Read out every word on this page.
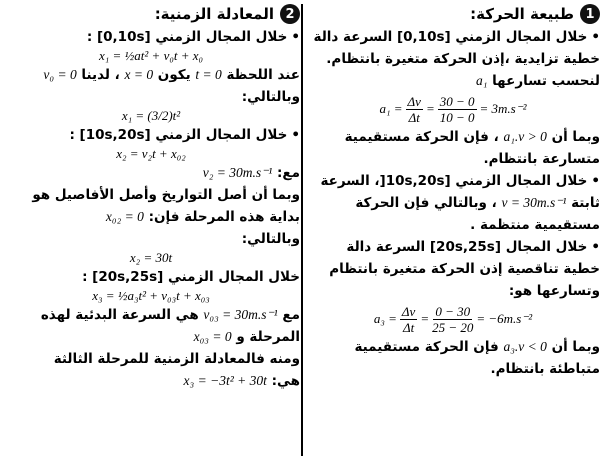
1
طبيعة الحركة:

• خلال المجال الزمني [0,10s] السرعة دالة

خطية تزايدية ،إذن الحركة متغيرة بانتظام.

لنحسب تسارعها a₁

$a_1 = \frac{\Delta v}{\Delta t} = \frac{30 - 0}{10 - 0} = 3m.s^{-2}$

وبما أن a₁.v > 0 ، فإن الحركة مستقيمية

متسارعة بانتظام.

• خلال المجال الزمني [10s,20s[، السرعة

ثابتة v = 30m.s⁻¹ ، وبالتالي فإن الحركة

مستقيمية منتظمة .

• خلال المجال [20s,25s] السرعة دالة

خطية تناقصية إذن الحركة متغيرة بانتظام

وتسارعها هو:

$a_3 = \frac{\Delta v}{\Delta t} = \frac{0 - 30}{25 - 20} = -6m.s^{-2}$

وبما أن a₃.v < 0 فإن الحركة مستقيمية

متباطئة بانتظام.

2
المعادلة الزمنية:

• خلال المجال الزمني [0,10s] :

x₁ = ½at² + v₀t + x₀

عند اللحظة t = 0 يكون x = 0 ، لدينا v₀ = 0

وبالتالي:

x₁ = (3/2)t²

• خلال المجال الزمني [10s,20s] :

x₂ = v₂t + x₀₂

مع: v₂ = 30m.s⁻¹

وبما أن أصل التواريخ وأصل الأفاصيل هو

بداية هذه المرحلة فإن: x₀₂ = 0

وبالتالي:

x₂ = 30t

خلال المجال الزمني [20s,25s] :

x₃ = ½a₃t² + v₀₃t + x₀₃

مع v₀₃ = 30m.s⁻¹ هي السرعة البدئية لهذه

المرحلة و x₀₃ = 0

ومنه فالمعادلة الزمنية للمرحلة الثالثة

هي: x₃ = −3t² + 30t
